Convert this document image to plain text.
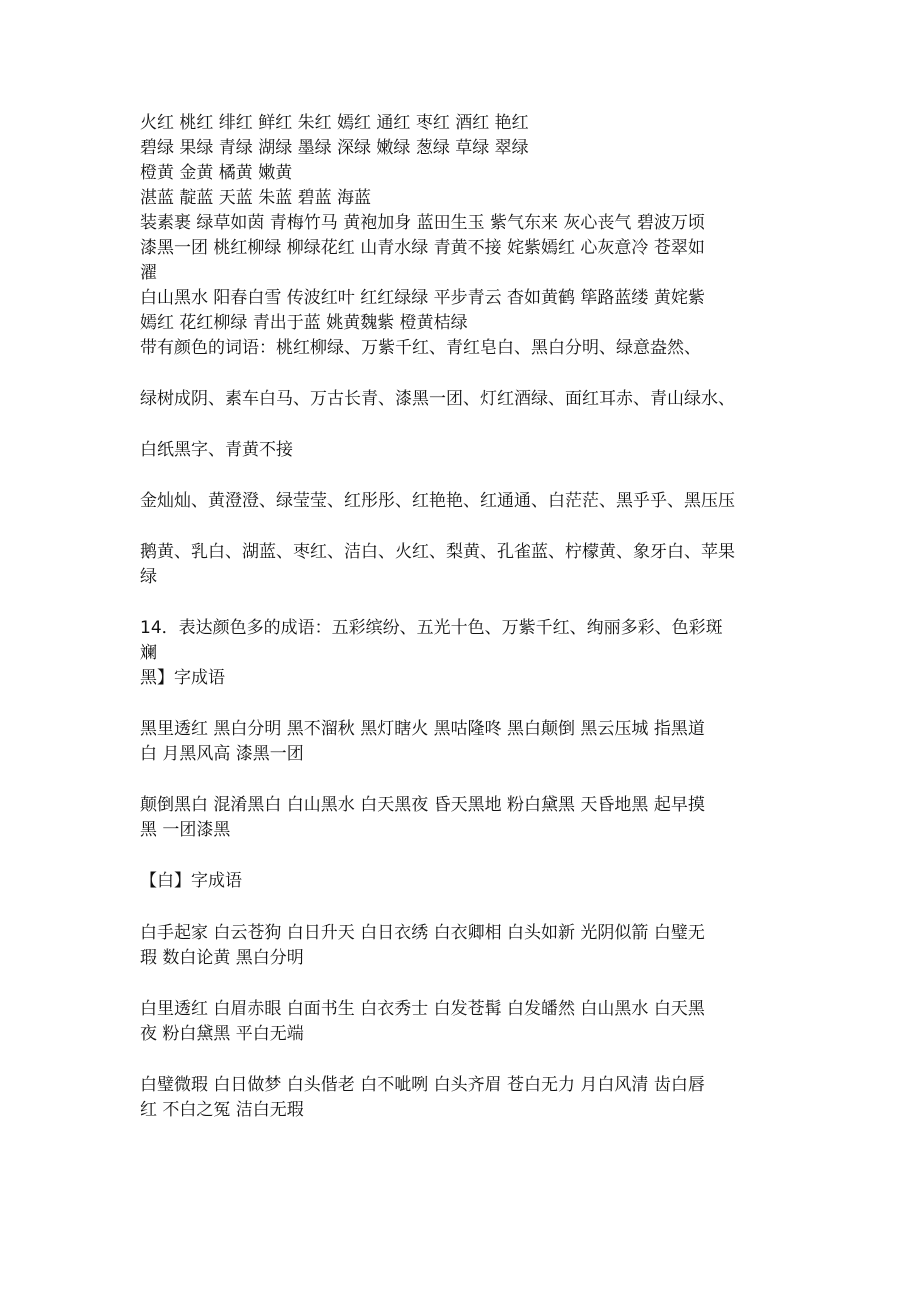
火红 桃红 绯红 鲜红 朱红 嫣红 通红 枣红 酒红 艳红
碧绿 果绿 青绿 湖绿 墨绿 深绿 嫩绿 葱绿 草绿 翠绿
橙黄 金黄 橘黄 嫩黄
湛蓝 靛蓝 天蓝 朱蓝 碧蓝 海蓝
装素裹 绿草如茵 青梅竹马 黄袍加身 蓝田生玉 紫气东来 灰心丧气 碧波万顷
漆黑一团 桃红柳绿 柳绿花红 山青水绿 青黄不接 姹紫嫣红 心灰意冷 苍翠如
濯
白山黑水 阳春白雪 传波红叶 红红绿绿 平步青云 杳如黄鹤 筚路蓝缕 黄姹紫
嫣红 花红柳绿 青出于蓝 姚黄魏紫 橙黄桔绿
带有颜色的词语：桃红柳绿、万紫千红、青红皂白、黑白分明、绿意盎然、
绿树成阴、素车白马、万古长青、漆黑一团、灯红酒绿、面红耳赤、青山绿水、
白纸黑字、青黄不接
金灿灿、黄澄澄、绿莹莹、红彤彤、红艳艳、红通通、白茫茫、黑乎乎、黑压压
鹅黄、乳白、湖蓝、枣红、洁白、火红、梨黄、孔雀蓝、柠檬黄、象牙白、苹果
绿
14．表达颜色多的成语：五彩缤纷、五光十色、万紫千红、绚丽多彩、色彩斑
斓
黑】字成语
黑里透红 黑白分明 黑不溜秋 黑灯瞎火 黑咕隆咚 黑白颠倒 黑云压城 指黑道
白 月黑风高 漆黑一团
颠倒黑白 混淆黑白 白山黑水 白天黑夜 昏天黑地 粉白黛黑 天昏地黑 起早摸
黑 一团漆黑
【白】字成语
白手起家 白云苍狗 白日升天 白日衣绣 白衣卿相 白头如新 光阴似箭 白璧无
瑕 数白论黄 黑白分明
白里透红 白眉赤眼 白面书生 白衣秀士 白发苍髯 白发皤然 白山黑水 白天黑
夜 粉白黛黑 平白无端
白璧微瑕 白日做梦 白头偕老 白不呲咧 白头齐眉 苍白无力 月白风清 齿白唇
红 不白之冤 洁白无瑕
